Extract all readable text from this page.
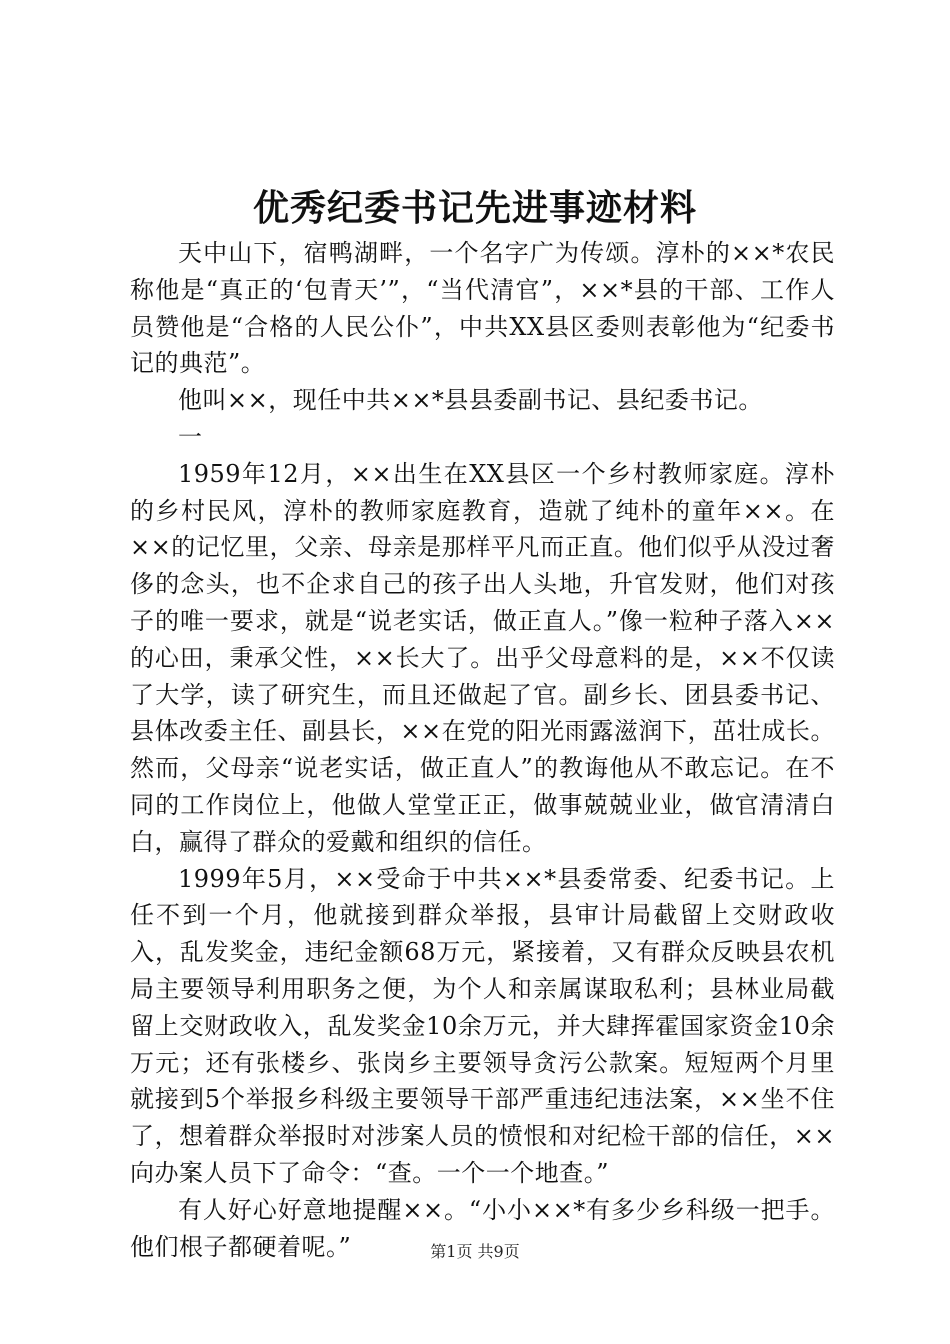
优秀纪委书记先进事迹材料

天中山下，宿鸭湖畔，一个名字广为传颂。淳朴的××*农民称他是“真正的‘包青天’”，“当代清官”，××*县的干部、工作人员赞他是“合格的人民公仆”，中共XX县区委则表彰他为“纪委书记的典范”。

他叫××，现任中共××*县县委副书记、县纪委书记。

一

1959年12月，××出生在XX县区一个乡村教师家庭。淳朴的乡村民风，淳朴的教师家庭教育，造就了纯朴的童年××。在××的记忆里，父亲、母亲是那样平凡而正直。他们似乎从没过奢侈的念头，也不企求自己的孩子出人头地，升官发财，他们对孩子的唯一要求，就是“说老实话，做正直人。”像一粒种子落入××的心田，秉承父性，××长大了。出乎父母意料的是，××不仅读了大学，读了研究生，而且还做起了官。副乡长、团县委书记、县体改委主任、副县长，××在党的阳光雨露滋润下，茁壮成长。然而，父母亲“说老实话，做正直人”的教诲他从不敢忘记。在不同的工作岗位上，他做人堂堂正正，做事兢兢业业，做官清清白白，赢得了群众的爱戴和组织的信任。

1999年5月，××受命于中共××*县委常委、纪委书记。上任不到一个月，他就接到群众举报，县审计局截留上交财政收入，乱发奖金，违纪金额68万元，紧接着，又有群众反映县农机局主要领导利用职务之便，为个人和亲属谋取私利；县林业局截留上交财政收入，乱发奖金10余万元，并大肆挥霍国家资金10余万元；还有张楼乡、张岗乡主要领导贪污公款案。短短两个月里就接到5个举报乡科级主要领导干部严重违纪违法案，××坐不住了，想着群众举报时对涉案人员的愤恨和对纪检干部的信任，××向办案人员下了命令：“查。一个一个地查。”

有人好心好意地提醒××。“小小××*有多少乡科级一把手。他们根子都硬着呢。”	第1页 共9页
